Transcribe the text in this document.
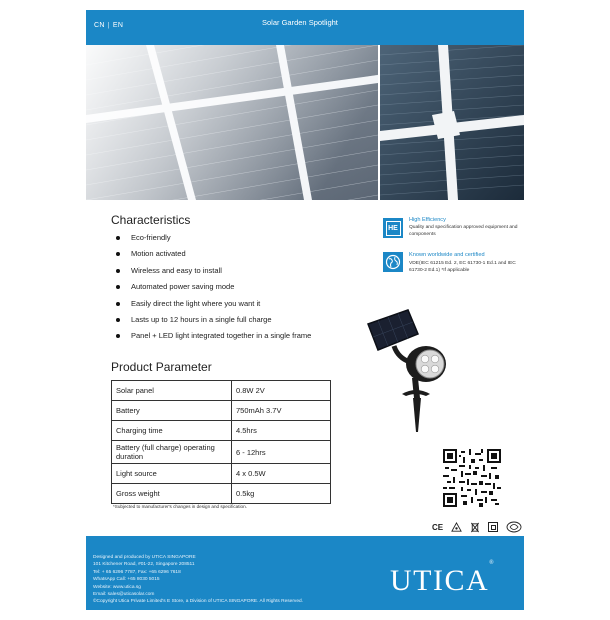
CN | EN	Solar Garden Spotlight
Characteristics
Eco-friendly
Motion activated
Wireless and easy to install
Automated power saving mode
Easily direct the light where you want it
Lasts up to 12 hours in a single full charge
Panel + LED light integrated together in a single frame
Product Parameter
Solar panel	0.8W 2V
Battery	750mAh 3.7V
Charging time	4.5hrs
Battery (full charge) operating duration	6 - 12hrs
Light source	4 x 0.5W
Gross weight	0.5kg
*Subjected to manufacturer's changes in design and specification.
HE
High Efficiency
Quality and specification approved equipment and components
Known worldwide and certified
VDE(IEC 61215 Ed. 2, EC 61730-1 Ed.1 and IEC 61730-2 Ed.1) *If applicable
CE
Designed and produced by UTICA SINGAPORE
101 Kitchener Road, #01-22, Singapore 208511
Tel: + 65 6296 7787, Fax: +65 6296 7618
WhatsApp Call: +65 8030 5015
Website: www.utica.sg
Email: sales@uticasolar.com
©Copyright Utica Private Limited's E Store, a Division of UTICA SINGAPORE. All Rights Reserved.
UTICA®
